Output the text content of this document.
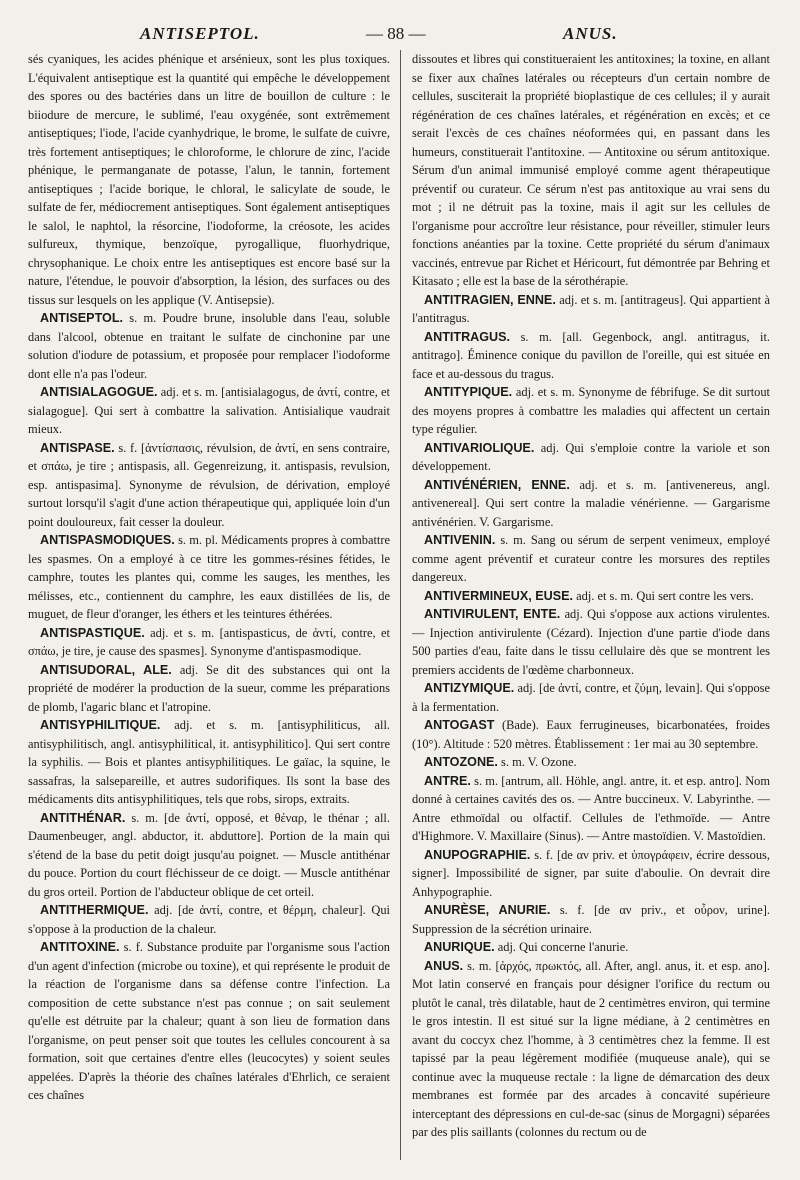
ANTISEPTOL.	— 88 —	ANUS.

sés cyaniques, les acides phénique et arsénieux, sont les plus toxiques. L'équivalent antiseptique est la quantité qui empêche le développement des spores ou des bactéries dans un litre de bouillon de culture : le biiodure de mercure, le sublimé, l'eau oxygénée, sont extrêmement antiseptiques; l'iode, l'acide cyanhydrique, le brome, le sulfate de cuivre, très fortement antiseptiques; le chloroforme, le chlorure de zinc, l'acide phénique, le permanganate de potasse, l'alun, le tannin, fortement antiseptiques ; l'acide borique, le chloral, le salicylate de soude, le sulfate de fer, médiocrement antiseptiques. Sont également antiseptiques le salol, le naphtol, la résorcine, l'iodoforme, la créosote, les acides sulfureux, thymique, benzoïque, pyrogallique, fluorhydrique, chrysophanique. Le choix entre les antiseptiques est encore basé sur la nature, l'étendue, le pouvoir d'absorption, la lésion, des surfaces ou des tissus sur lesquels on les applique (V. Antisepsie).

ANTISEPTOL. s. m. Poudre brune, insoluble dans l'eau, soluble dans l'alcool, obtenue en traitant le sulfate de cinchonine par une solution d'iodure de potassium, et proposée pour remplacer l'iodoforme dont elle n'a pas l'odeur.

ANTISIALAGOGUE. adj. et s. m. [antisialagogus, de ἀντί, contre, et sialagogue]. Qui sert à combattre la salivation. Antisialique vaudrait mieux.

ANTISPASE. s. f. [ἀντίσπασις, révulsion, de ἀντί, en sens contraire, et σπάω, je tire ; antispasis, all. Gegenreizung, it. antispasis, revulsion, esp. antispasima]. Synonyme de révulsion, de dérivation, employé surtout lorsqu'il s'agit d'une action thérapeutique qui, appliquée loin d'un point douloureux, fait cesser la douleur.

ANTISPASMODIQUES. s. m. pl. Médicaments propres à combattre les spasmes. On a employé à ce titre les gommes-résines fétides, le camphre, toutes les plantes qui, comme les sauges, les menthes, les mélisses, etc., contiennent du camphre, les eaux distillées de lis, de muguet, de fleur d'oranger, les éthers et les teintures éthérées.

ANTISPASTIQUE. adj. et s. m. [antispasticus, de ἀντί, contre, et σπάω, je tire, je cause des spasmes]. Synonyme d'antispasmodique.

ANTISUDORAL, ALE. adj. Se dit des substances qui ont la propriété de modérer la production de la sueur, comme les préparations de plomb, l'agaric blanc et l'atropine.

ANTISYPHILITIQUE. adj. et s. m. [antisyphiliticus, all. antisyphilitisch, angl. antisyphilitical, it. antisyphilitico]. Qui sert contre la syphilis. — Bois et plantes antisyphilitiques. Le gaïac, la squine, le sassafras, la salsepareille, et autres sudorifiques. Ils sont la base des médicaments dits antisyphilitiques, tels que robs, sirops, extraits.

ANTITHÉNAR. s. m. [de ἀντί, opposé, et θέναρ, le thénar ; all. Daumenbeuger, angl. abductor, it. abduttore]. Portion de la main qui s'étend de la base du petit doigt jusqu'au poignet. — Muscle antithénar du pouce. Portion du court fléchisseur de ce doigt. — Muscle antithénar du gros orteil. Portion de l'abducteur oblique de cet orteil.

ANTITHERMIQUE. adj. [de ἀντί, contre, et θέρμη, chaleur]. Qui s'oppose à la production de la chaleur.

ANTITOXINE. s. f. Substance produite par l'organisme sous l'action d'un agent d'infection (microbe ou toxine), et qui représente le produit de la réaction de l'organisme dans sa défense contre l'infection. La composition de cette substance n'est pas connue ; on sait seulement qu'elle est détruite par la chaleur; quant à son lieu de formation dans l'organisme, on peut penser soit que toutes les cellules concourent à sa formation, soit que certaines d'entre elles (leucocytes) y soient seules appelées. D'après la théorie des chaînes latérales d'Ehrlich, ce seraient ces chaînes

dissoutes et libres qui constitueraient les antitoxines; la toxine, en allant se fixer aux chaînes latérales ou récepteurs d'un certain nombre de cellules, susciterait la propriété bioplastique de ces cellules; il y aurait régénération de ces chaînes latérales, et régénération en excès; et ce serait l'excès de ces chaînes néoformées qui, en passant dans les humeurs, constituerait l'antitoxine. — Antitoxine ou sérum antitoxique. Sérum d'un animal immunisé employé comme agent thérapeutique préventif ou curateur. Ce sérum n'est pas antitoxique au vrai sens du mot ; il ne détruit pas la toxine, mais il agit sur les cellules de l'organisme pour accroître leur résistance, pour réveiller, stimuler leurs fonctions anéanties par la toxine. Cette propriété du sérum d'animaux vaccinés, entrevue par Richet et Héricourt, fut démontrée par Behring et Kitasato ; elle est la base de la sérothérapie.

ANTITRAGIEN, ENNE. adj. et s. m. [antitrageus]. Qui appartient à l'antitragus.

ANTITRAGUS. s. m. [all. Gegenbock, angl. antitragus, it. antitrago]. Éminence conique du pavillon de l'oreille, qui est située en face et au-dessous du tragus.

ANTITYPIQUE. adj. et s. m. Synonyme de fébrifuge. Se dit surtout des moyens propres à combattre les maladies qui affectent un certain type régulier.

ANTIVARIOLIQUE. adj. Qui s'emploie contre la variole et son développement.

ANTIVÉNÉRIEN, ENNE. adj. et s. m. [antivenereus, angl. antivenereal]. Qui sert contre la maladie vénérienne. — Gargarisme antivénérien. V. Gargarisme.

ANTIVENIN. s. m. Sang ou sérum de serpent venimeux, employé comme agent préventif et curateur contre les morsures des reptiles dangereux.

ANTIVERMINEUX, EUSE. adj. et s. m. Qui sert contre les vers.

ANTIVIRULENT, ENTE. adj. Qui s'oppose aux actions virulentes. — Injection antivirulente (Cézard). Injection d'une partie d'iode dans 500 parties d'eau, faite dans le tissu cellulaire dès que se montrent les premiers accidents de l'œdème charbonneux.

ANTIZYMIQUE. adj. [de ἀντί, contre, et ζύμη, levain]. Qui s'oppose à la fermentation.

ANTOGAST (Bade). Eaux ferrugineuses, bicarbonatées, froides (10°). Altitude : 520 mètres. Établissement : 1er mai au 30 septembre.

ANTOZONE. s. m. V. Ozone.

ANTRE. s. m. [antrum, all. Höhle, angl. antre, it. et esp. antro]. Nom donné à certaines cavités des os. — Antre buccineux. V. Labyrinthe. — Antre ethmoïdal ou olfactif. Cellules de l'ethmoïde. — Antre d'Highmore. V. Maxillaire (Sinus). — Antre mastoïdien. V. Mastoïdien.

ANUPOGRAPHIE. s. f. [de αν priv. et ὑπογράφειν, écrire dessous, signer]. Impossibilité de signer, par suite d'aboulie. On devrait dire Anhypographie.

ANURÈSE, ANURIE. s. f. [de αν priv., et οὖρον, urine]. Suppression de la sécrétion urinaire.

ANURIQUE. adj. Qui concerne l'anurie.

ANUS. s. m. [ἀρχός, πρωκτός, all. After, angl. anus, it. et esp. ano]. Mot latin conservé en français pour désigner l'orifice du rectum ou plutôt le canal, très dilatable, haut de 2 centimètres environ, qui termine le gros intestin. Il est situé sur la ligne médiane, à 2 centimètres en avant du coccyx chez l'homme, à 3 centimètres chez la femme. Il est tapissé par la peau légèrement modifiée (muqueuse anale), qui se continue avec la muqueuse rectale : la ligne de démarcation des deux membranes est formée par des arcades à concavité supérieure interceptant des dépressions en cul-de-sac (sinus de Morgagni) séparées par des plis saillants (colonnes du rectum ou de
